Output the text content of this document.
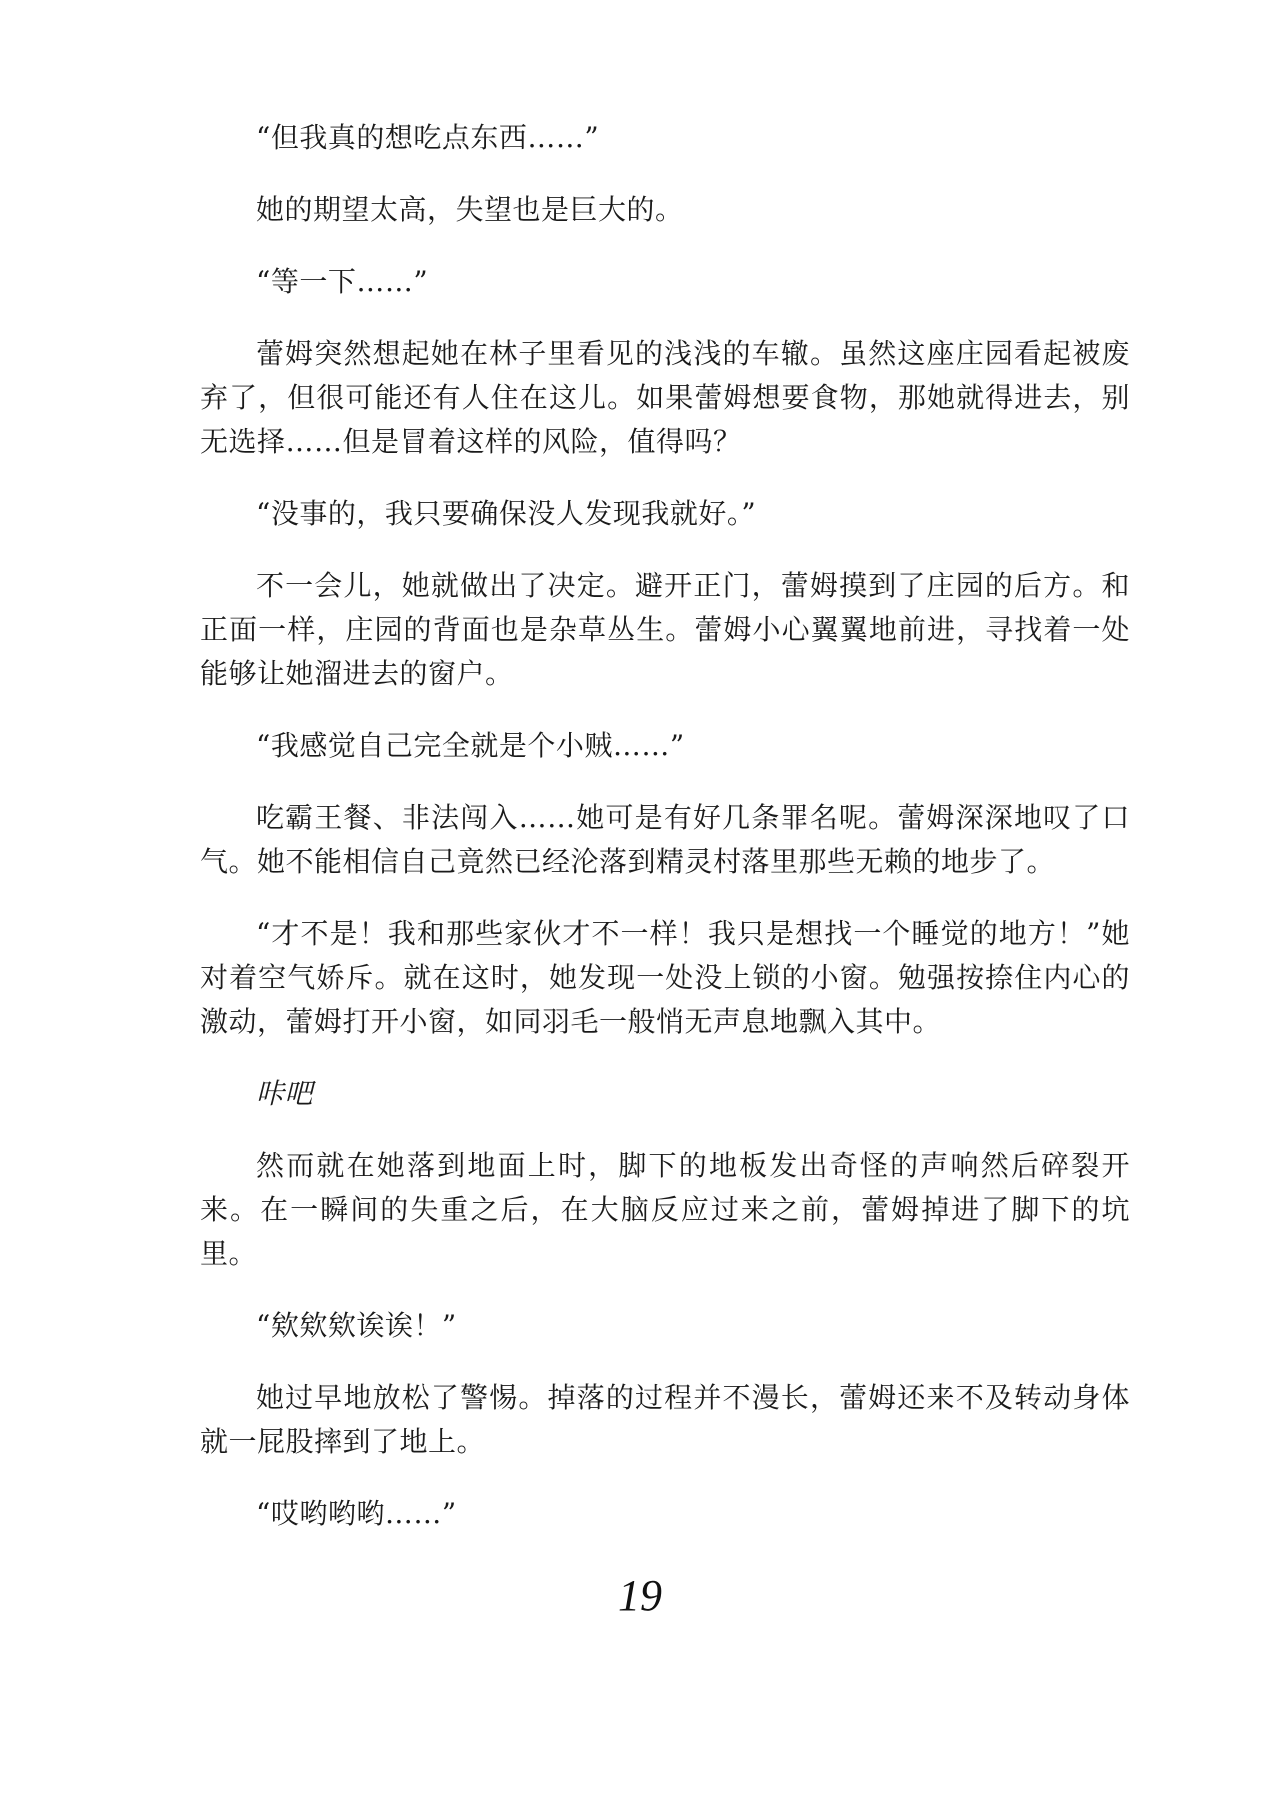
“但我真的想吃点东西……”

她的期望太高，失望也是巨大的。

“等一下……”

蕾姆突然想起她在林子里看见的浅浅的车辙。虽然这座庄园看起被废弃了，但很可能还有人住在这儿。如果蕾姆想要食物，那她就得进去，别无选择……但是冒着这样的风险，值得吗？

“没事的，我只要确保没人发现我就好。”

不一会儿，她就做出了决定。避开正门，蕾姆摸到了庄园的后方。和正面一样，庄园的背面也是杂草丛生。蕾姆小心翼翼地前进，寻找着一处能够让她溜进去的窗户。

“我感觉自己完全就是个小贼……”

吃霸王餐、非法闯入……她可是有好几条罪名呢。蕾姆深深地叹了口气。她不能相信自己竟然已经沦落到精灵村落里那些无赖的地步了。

“才不是！我和那些家伙才不一样！我只是想找一个睡觉的地方！”她对着空气娇斥。就在这时，她发现一处没上锁的小窗。勉强按捺住内心的激动，蕾姆打开小窗，如同羽毛一般悄无声息地飘入其中。

咔吧

然而就在她落到地面上时，脚下的地板发出奇怪的声响然后碎裂开来。在一瞬间的失重之后，在大脑反应过来之前，蕾姆掉进了脚下的坑里。

“欸欸欸诶诶！”

她过早地放松了警惕。掉落的过程并不漫长，蕾姆还来不及转动身体就一屁股摔到了地上。

“哎哟哟哟……”

19
